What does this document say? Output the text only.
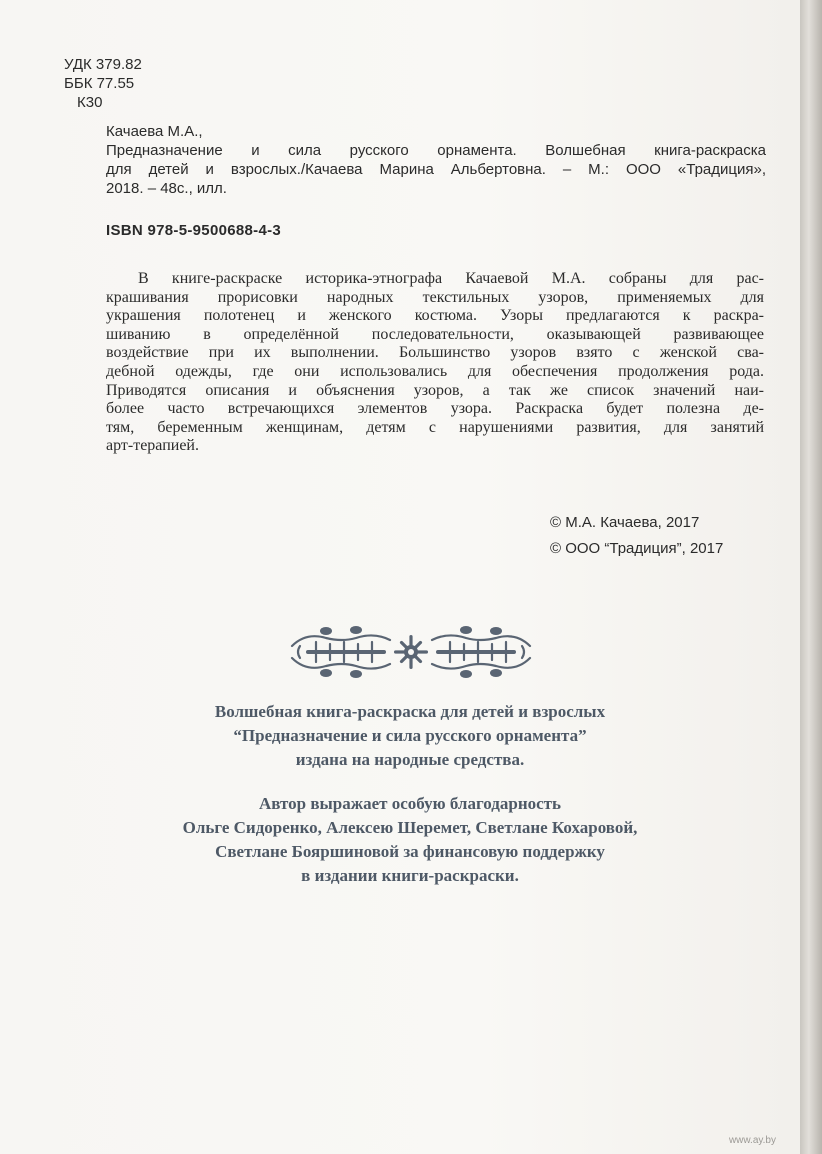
УДК 379.82
ББК 77.55
К30
Качаева М.А.,
Предназначение и сила русского орнамента. Волшебная книга-раскраска
для детей и взрослых./Качаева Марина Альбертовна. – М.: ООО «Традиция»,
2018. – 48с., илл.
ISBN 978-5-9500688-4-3
В книге-раскраске историка-этнографа Качаевой М.А. собраны для рас-
крашивания прорисовки народных текстильных узоров, применяемых для
украшения полотенец и женского костюма. Узоры предлагаются к раскра-
шиванию в определённой последовательности, оказывающей развивающее
воздействие при их выполнении. Большинство узоров взято с женской сва-
дебной одежды, где они использовались для обеспечения продолжения рода.
Приводятся описания и объяснения узоров, а так же список значений наи-
более часто встречающихся элементов узора. Раскраска будет полезна де-
тям, беременным женщинам, детям с нарушениями развития, для занятий
арт-терапией.
© М.А. Качаева, 2017
© ООО “Традиция”, 2017
Волшебная книга-раскраска для детей и взрослых
“Предназначение и сила русского орнамента”
издана на народные средства.
Автор выражает особую благодарность
Ольге Сидоренко, Алексею Шеремет, Светлане Кохаровой,
Светлане Бояршиновой за финансовую поддержку
в издании книги-раскраски.
www.ay.by
